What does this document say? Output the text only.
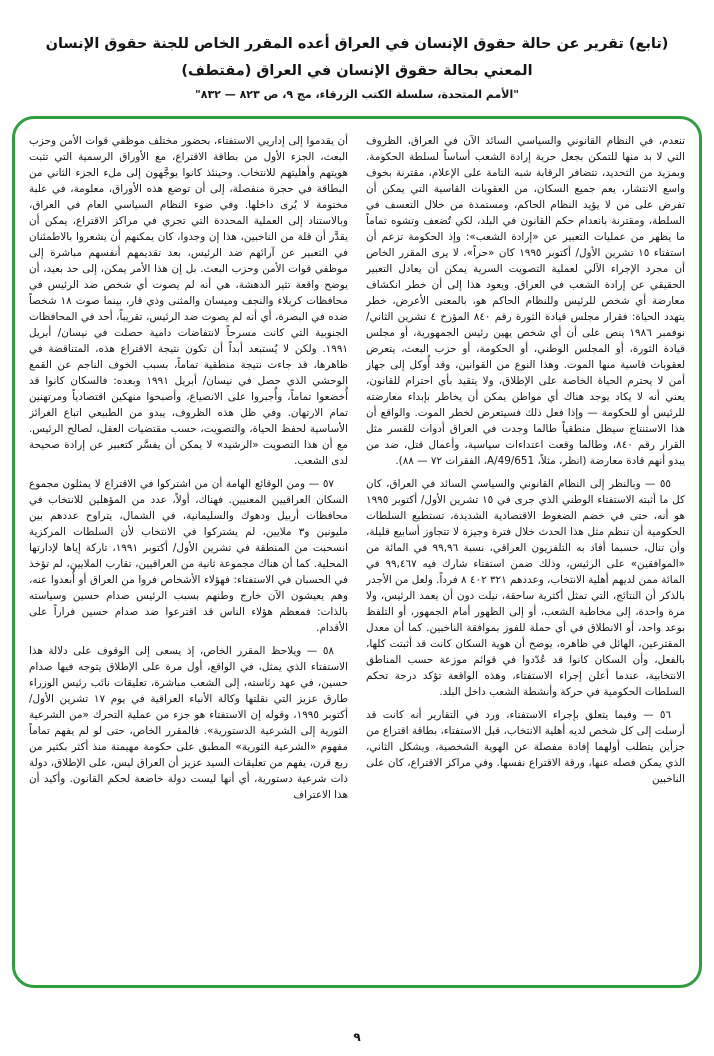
(تابع) تقرير عن حالة حقوق الإنسان في العراق أعده المقرر الخاص للجنة حقوق الإنسان

المعني بحالة حقوق الإنسان في العراق (مقتطف)

"الأمم المتحدة، سلسلة الكتب الزرقاء، مج ٩، ص ٨٢٣ — ٨٣٢"

تنعدم، في النظام القانوني والسياسي السائد الآن في العراق، الظروف التي لا بد منها للتمكن بجعل حرية إرادة الشعب أساساً لسلطة الحكومة. وبمزيد من التحديد، تتضافر الرقابة شبه التامة على الإعلام، مقترنة بخوف واسع الانتشار، يعم جميع السكان، من العقوبات القاسية التي يمكن أن تفرض على من لا يؤيد النظام الحاكم، ومستمدة من خلال التعسف في السلطة، ومقترنة بانعدام حكم القانون في البلد، لكي تُضعف وتشوه تماماً ما يظهر من عمليات التعبير عن «إرادة الشعب»: وإذ الحكومة تزعم أن استفتاء ١٥ تشرين الأول/ أكتوبر ١٩٩٥ كان «حراً»، لا يرى المقرر الخاص أن مجرد الإجراء الآلي لعملية التصويت السرية يمكن أن يعادل التعبير الحقيقي عن إرادة الشعب في العراق. ويعود هذا إلى أن خطر انكشاف معارضة أي شخص للرئيس وللنظام الحاكم هو، بالمعنى الأعرض، خطر يتهدد الحياة: فقرار مجلس قيادة الثورة رقم ٨٤٠ المؤرخ ٤ تشرين الثاني/ نوفمبر ١٩٨٦ ينص على أن أي شخص يهين رئيس الجمهورية، أو مجلس قيادة الثورة، أو المجلس الوطني، أو الحكومة، أو حزب البعث، يتعرض لعقوبات قاسية منها الموت. وهذا النوع من القوانين، وقد أُوكل إلى جهاز أمن لا يحترم الحياة الخاصة على الإطلاق، ولا يتقيد بأي احترام للقانون، يعني أنه لا يكاد يوجد هناك أي مواطن يمكن أن يخاطر بإبداء معارضته للرئيس أو للحكومة — وإذا فعل ذلك فسيتعرض لخطر الموت. والواقع أن هذا الاستنتاج سيظل منطقياً طالما وجدت في العراق أدوات للقسر مثل القرار رقم ٨٤٠، وطالما وقعت اعتداءات سياسية، وأعمال قتل، ضد من يبدو أنهم قادة معارضة (انظر، مثلاً، A/49/651، الفقرات ٧٢ — ٨٨).

٥٥ — وبالنظر إلى النظام القانوني والسياسي السائد في العراق، كان كل ما أثبته الاستفتاء الوطني الذي جرى في ١٥ تشرين الأول/ أكتوبر ١٩٩٥ هو أنه، حتى في خضم الضغوط الاقتصادية الشديدة، تستطيع السلطات الحكومية أن تنظم مثل هذا الحدث خلال فترة وجيزة لا تتجاوز أسابيع قليلة، وأن تنال، حسبما أفاد به التلفزيون العراقي، نسبة ٩٩,٩٦ في المائة من «الموافقين» على الرئيس، وذلك ضمن استفتاء شارك فيه ٩٩,٤٦٧ في المائة ممن لديهم أهلية الانتخاب، وعددهم ٣٢١ ٤٠٢ ٨ فرداً. ولعل من الأجدر بالذكر أن النتائج، التي تمثل أكثرية ساحقة، نيلت دون أن يعمد الرئيس، ولا مرة واحدة، إلى مخاطبة الشعب، أو إلى الظهور أمام الجمهور، أو التلفظ بوعد واحد، أو الانطلاق في أي حملة للفوز بموافقة الناخبين. كما أن معدل المقترعين، الهائل في ظاهره، يوضح أن هوية السكان كانت قد أثبتت كلها، بالفعل، وأن السكان كانوا قد عُدّدوا في قوائم موزعة حسب المناطق الانتخابية، عندما أعلن إجراء الاستفتاء، وهذه الواقعة تؤكد درجة تحكم السلطات الحكومية في حركة وأنشطة الشعب داخل البلد.

٥٦ — وفيما يتعلق بإجراء الاستفتاء، ورد في التقارير أنه كانت قد أرسلت إلى كل شخص لديه أهلية الانتخاب، قبل الاستفتاء، بطاقة اقتراع من جزأين يتطلب أولهما إفادة مفصلة عن الهوية الشخصية، ويشكل الثاني، الذي يمكن فصله عنها، ورقة الاقتراع نفسها. وفي مراكز الاقتراع، كان على الناخبين

أن يقدموا إلى إداريي الاستفتاء، بحضور مختلف موظفي قوات الأمن وحزب البعث، الجزء الأول من بطاقة الاقتراع، مع الأوراق الرسمية التي تثبت هويتهم وأهليتهم للانتخاب. وحينئذ كانوا يوجَّهون إلى ملء الجزء الثاني من البطاقة في حجرة منفصلة، إلى أن توضع هذه الأوراق، معلومة، في علبة مختومة لا يُرى داخلها. وفي ضوء النظام السياسي العام في العراق، وبالاستناد إلى العملية المحددة التي تجري في مراكز الاقتراع، يمكن أن يقدَّر أن قلة من الناخبين، هذا إن وجدوا، كان يمكنهم أن يشعروا بالاطمئنان في التعبير عن آرائهم ضد الرئيس، بعد تقديمهم أنفسهم مباشرة إلى موظفي قوات الأمن وحزب البعث. بل إن هذا الأمر يمكن، إلى حد بعيد، أن يوضح واقعة تثير الدهشة، هي أنه لم يصوت أي شخص ضد الرئيس في محافظات كربلاء والنجف وميسان والمثنى وذي قار، بينما صوت ١٨ شخصاً ضده في البصرة، أي أنه لم يصوت ضد الرئيس، تقريباً، أحد في المحافظات الجنوبية التي كانت مسرحاً لانتفاضات دامية حصلت في نيسان/ أبريل ١٩٩١. ولكن لا يُستبعد أبداً أن تكون نتيجة الاقتراع هذه، المتناقضة في ظاهرها، قد جاءت نتيجة منطقية تماماً، بسبب الخوف الناجم عن القمع الوحشي الذي حصل في نيسان/ أبريل ١٩٩١ وبعده: فالسكان كانوا قد أُخضعوا تماماً، وأُجبروا على الانصياع، وأصبحوا منهكين اقتصادياً ومرتهنين تمام الارتهان. وفي ظل هذه الظروف، يبدو من الطبيعي اتباع الغرائز الأساسية لحفظ الحياة، والتصويت، حسب مقتضيات العقل، لصالح الرئيس. مع أن هذا التصويت «الرشيد» لا يمكن أن يفسَّر كتعبير عن إرادة صحيحة لدى الشعب.

٥٧ — ومن الوقائع الهامة أن من اشتركوا في الاقتراع لا يمثلون مجموع السكان العراقيين المعنيين. فهناك، أولاً، عدد من المؤهلين للانتخاب في محافظات أربيل ودهوك والسليمانية، في الشمال، يتراوح عددهم بين مليونين و٣ ملايين، لم يشتركوا في الانتخاب لأن السلطات المركزية انسحبت من المنطقة في تشرين الأول/ أكتوبر ١٩٩١، تاركة إياها لإدارتها المحلية. كما أن هناك مجموعة ثانية من العراقيين، تقارب الملايين، لم تؤخذ في الحسبان في الاستفتاء: فهؤلاء الأشخاص فروا من العراق أو أُبعدوا عنه، وهم يعيشون الآن خارج وطنهم بسبب الرئيس صدام حسين وسياسته بالذات: فمعظم هؤلاء الناس قد اقترعوا ضد صدام حسين فراراً على الأقدام.

٥٨ — ويلاحظ المقرر الخاص، إذ يسعى إلى الوقوف على دلالة هذا الاستفتاء الذي يمثل، في الواقع، أول مرة على الإطلاق يتوجه فيها صدام حسين، في عهد رئاسته، إلى الشعب مباشرة، تعليقات نائب رئيس الوزراء طارق عزيز التي نقلتها وكالة الأنباء العراقية في يوم ١٧ تشرين الأول/ أكتوبر ١٩٩٥، وقوله إن الاستفتاء هو جزء من عملية التحرك «من الشرعية الثورية إلى الشرعية الدستورية». فالمقرر الخاص، حتى لو لم يفهم تماماً مفهوم «الشرعية الثورية» المطبق على حكومة مهيمنة منذ أكثر بكثير من ربع قرن، يفهم من تعليقات السيد عزيز أن العراق ليس، على الإطلاق، دولة ذات شرعية دستورية، أي أنها ليست دولة خاضعة لحكم القانون. وأكيد أن هذا الاعتراف

٩
